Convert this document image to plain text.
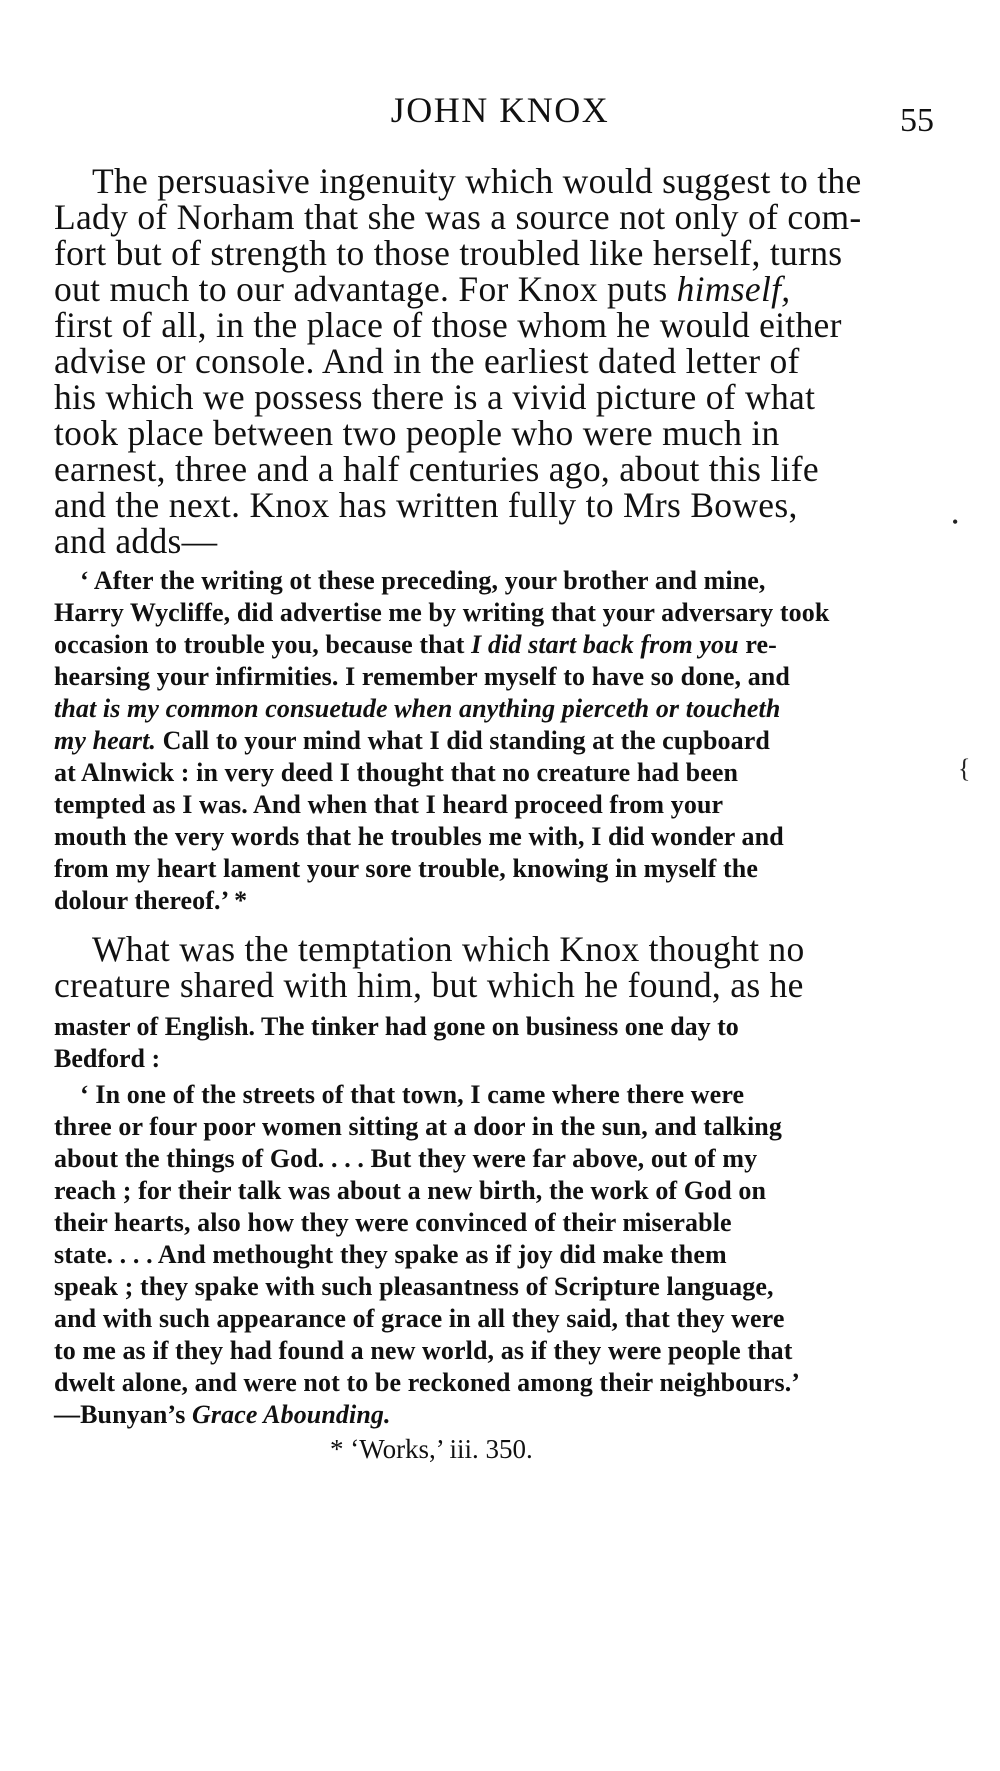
JOHN KNOX	55

The persuasive ingenuity which would suggest to the

Lady of Norham that she was a source not only of com-

fort but of strength to those troubled like herself, turns

out much to our advantage. For Knox puts himself,

first of all, in the place of those whom he would either

advise or console. And in the earliest dated letter of

his which we possess there is a vivid picture of what

took place between two people who were much in

earnest, three and a half centuries ago, about this life

and the next. Knox has written fully to Mrs Bowes,

and adds—

‘ After the writing ot these preceding, your brother and mine,

Harry Wycliffe, did advertise me by writing that your adversary took

occasion to trouble you, because that I did start back from you re-

hearsing your infirmities. I remember myself to have so done, and

that is my common consuetude when anything pierceth or toucheth

my heart. Call to your mind what I did standing at the cupboard

at Alnwick : in very deed I thought that no creature had been

tempted as I was. And when that I heard proceed from your

mouth the very words that he troubles me with, I did wonder and

from my heart lament your sore trouble, knowing in myself the

dolour thereof.’ *

What was the temptation which Knox thought no

creature shared with him, but which he found, as he

master of English. The tinker had gone on business one day to

Bedford :

‘ In one of the streets of that town, I came where there were

three or four poor women sitting at a door in the sun, and talking

about the things of God. . . . But they were far above, out of my

reach ; for their talk was about a new birth, the work of God on

their hearts, also how they were convinced of their miserable

state. . . . And methought they spake as if joy did make them

speak ; they spake with such pleasantness of Scripture language,

and with such appearance of grace in all they said, that they were

to me as if they had found a new world, as if they were people that

dwelt alone, and were not to be reckoned among their neighbours.’

—Bunyan’s Grace Abounding.

* ‘Works,’ iii. 350.

•
{
